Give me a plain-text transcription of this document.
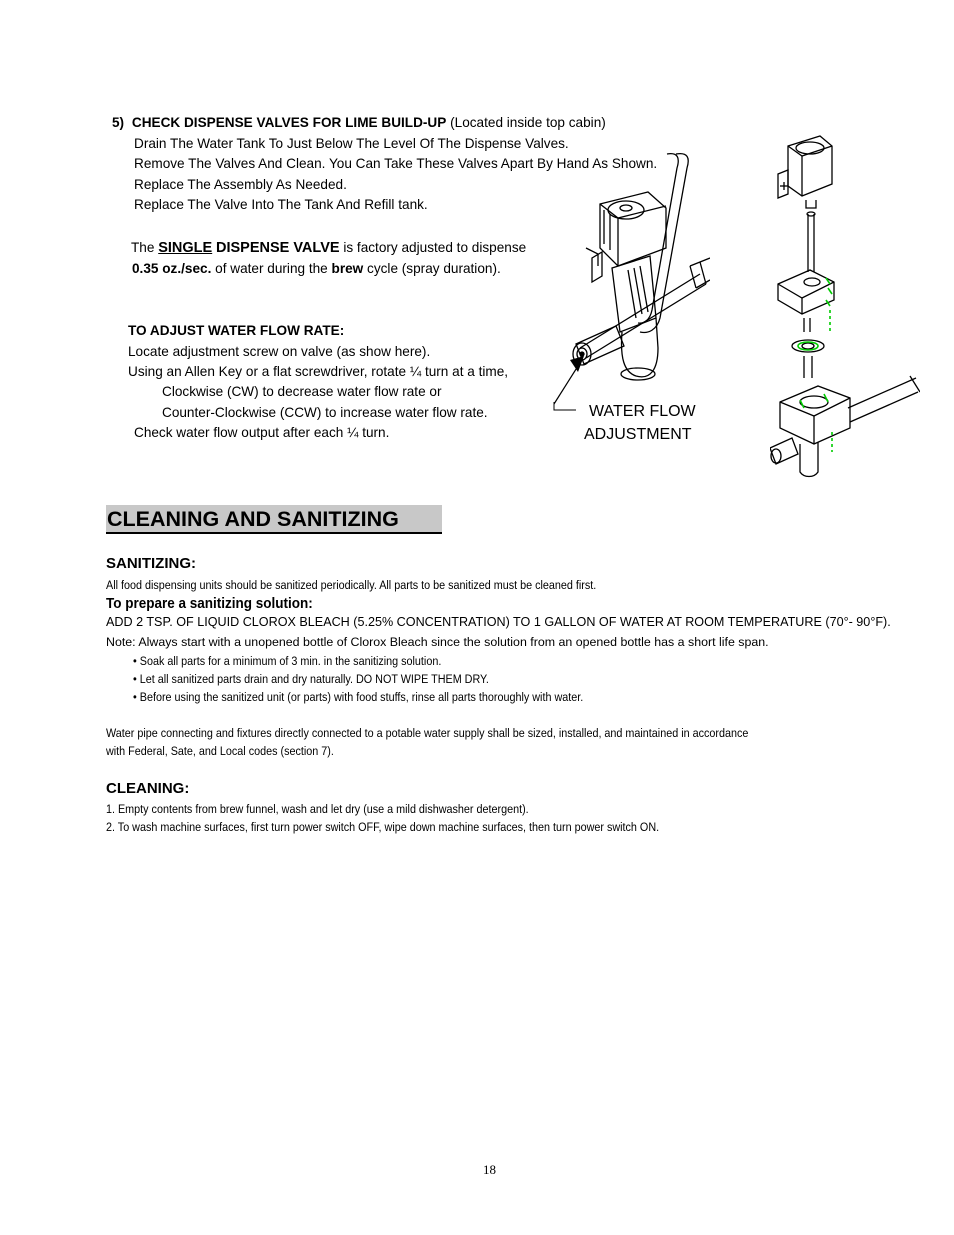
5) CHECK DISPENSE VALVES FOR LIME BUILD-UP (Located inside top cabin)
Drain The Water Tank To Just Below The Level Of The Dispense Valves.
Remove The Valves And Clean. You Can Take These Valves Apart By Hand As Shown.
Replace The Assembly As Needed.
Replace The Valve Into The Tank And Refill tank.
The SINGLE DISPENSE VALVE is factory adjusted to dispense
0.35 oz./sec. of water during the brew cycle (spray duration).
TO ADJUST WATER FLOW RATE:
Locate adjustment screw on valve (as show here).
Using an Allen Key or a flat screwdriver, rotate ¼ turn at a time,
Clockwise (CW) to decrease water flow rate or
Counter-Clockwise (CCW) to increase water flow rate.
Check water flow output after each ¼ turn.
WATER FLOW
ADJUSTMENT
CLEANING AND SANITIZING
SANITIZING:
All food dispensing units should be sanitized periodically. All parts to be sanitized must be cleaned first.
To prepare a sanitizing solution:
ADD 2 TSP. OF LIQUID CLOROX BLEACH (5.25% CONCENTRATION) TO 1 GALLON OF WATER AT ROOM TEMPERATURE (70°- 90°F).
Note: Always start with a unopened bottle of Clorox Bleach since the solution from an opened bottle has a short life span.
• Soak all parts for a minimum of 3 min. in the sanitizing solution.
• Let all sanitized parts drain and dry naturally. DO NOT WIPE THEM DRY.
• Before using the sanitized unit (or parts) with food stuffs, rinse all parts thoroughly with water.
Water pipe connecting and fixtures directly connected to a potable water supply shall be sized, installed, and maintained in accordance
with Federal, Sate, and Local codes (section 7).
CLEANING:
1. Empty contents from brew funnel, wash and let dry (use a mild dishwasher detergent).
2. To wash machine surfaces, first turn power switch OFF, wipe down machine surfaces, then turn power switch ON.
18
